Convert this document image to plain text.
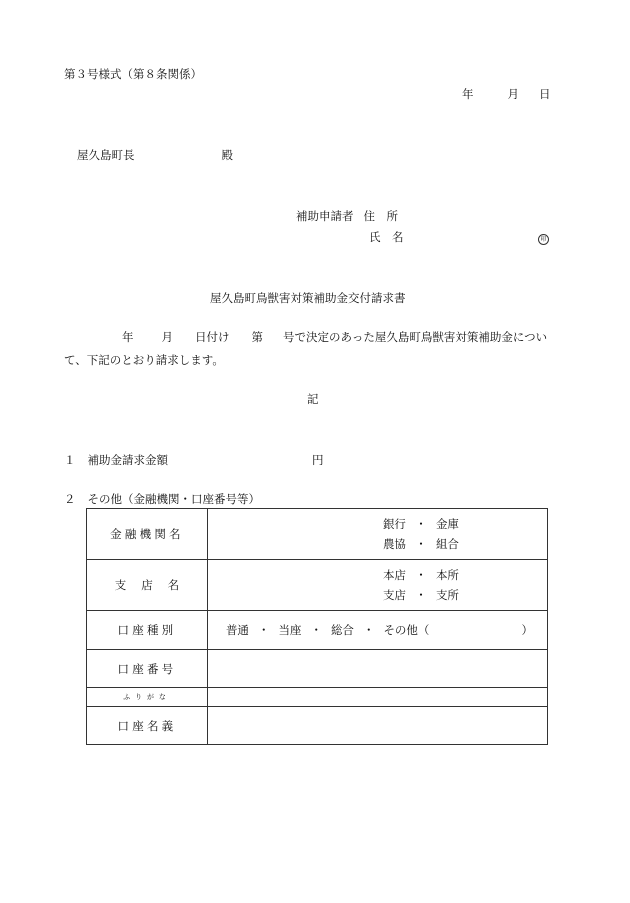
第３号様式（第８条関係）
年	月 日
屋久島町長	殿
補助申請者 住　所
氏　名	印
屋久島町鳥獣害対策補助金交付請求書
年 月 日付け 第 号で決定のあった屋久島町鳥獣害対策補助金につい
て、下記のとおり請求します。
記
１ 補助金請求金額	円
２ その他（金融機関・口座番号等）
金融機関名	銀行 ・ 金庫
農協 ・ 組合

支店名	本店 ・ 本所
支店 ・ 支所

口座種別	普通 ・ 当座 ・ 総合 ・ その他（ ）

口座番号	
ふりがな	
口座名義	
